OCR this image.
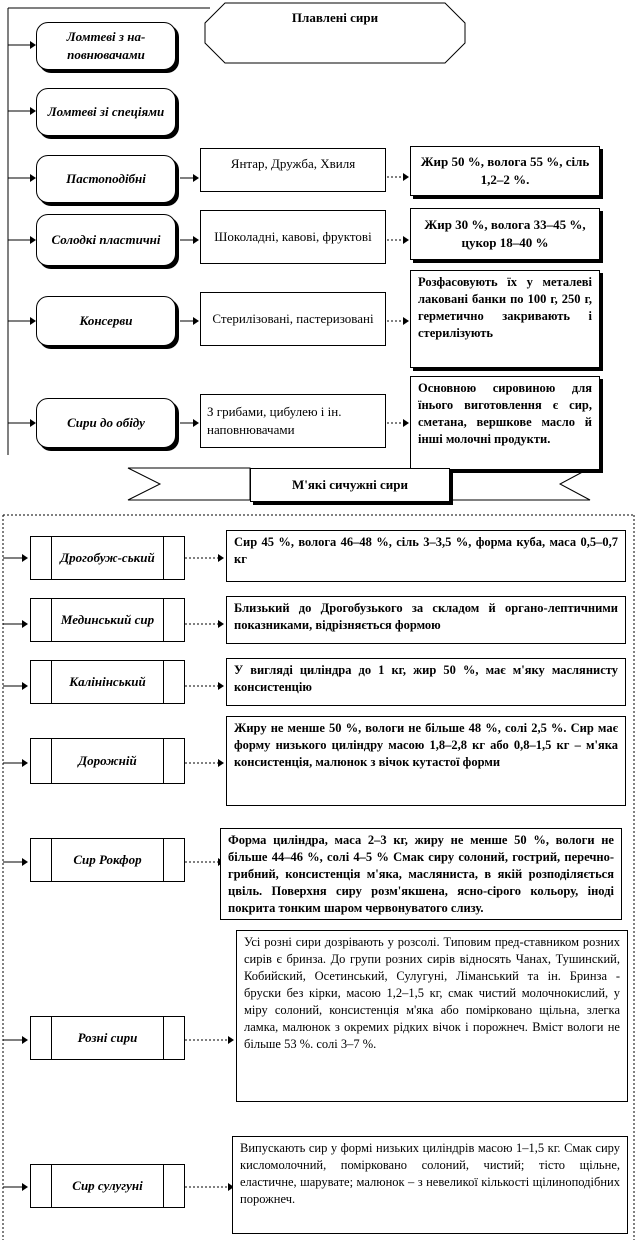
Плавлені сири
Ломтеві з на-повнювачами
Ломтеві зі спеціями
Пастоподібні
Солодкі пластичні
Консерви
Сири до обіду
Янтар, Дружба, Хвиля
Шоколадні, кавові, фруктові
Стерилізовані, пастеризовані
З грибами, цибулею і ін. наповнювачами
Жир 50 %, волога 55 %, сіль 1,2–2 %.
Жир 30 %, волога 33–45 %, цукор 18–40 %
Розфасовують їх у металеві лаковані банки по 100 г, 250 г, герметично закривають і стерилізують
Основною сировиною для їнього виготовлення є сир, сметана, вершкове масло й інші молочні продукти.
М'які сичужні сири
Дрогобуж-ський
Мединський сир
Калінінський
Дорожній
Сир Рокфор
Розні сири
Сир сулугуні
Сир 45 %, волога 46–48 %, сіль 3–3,5 %, форма куба, маса 0,5–0,7 кг
Близький до Дрогобузького за складом й органо-лептичними показниками, відрізняється формою
У вигляді циліндра до 1 кг, жир 50 %, має м'яку маслянисту консистенцію
Жиру не менше 50 %, вологи не більше 48 %, солі 2,5 %. Сир має форму низького циліндру масою 1,8–2,8 кг або 0,8–1,5 кг – м'яка консистенція, малюнок з вічок кутастої форми
Форма циліндра, маса 2–3 кг, жиру не менше 50 %, вологи не більше 44–46 %, солі 4–5 % Смак сиру солоний, гострий, перечно-грибний, консистенція м'яка, масляниста, в якій розподіляється цвіль. Поверхня сиру розм'якшена, ясно-сірого кольору, іноді покрита тонким шаром червонуватого слизу.
Усі розні сири дозрівають у розсолі. Типовим пред-ставником розних сирів є бринза. До групи розних сирів відносять Чанах, Тушинский, Кобийский, Осетинський, Сулугуні, Ліманський та ін. Бринза - бруски без кірки, масою 1,2–1,5 кг, смак чистий молочнокислий, у міру солоний, консистенція м'яка або помірковано щільна, злегка ламка, малюнок з окремих рідких вічок і порожнеч. Вміст вологи не більше 53 %. солі 3–7 %.
Випускають сир у формі низьких циліндрів масою 1–1,5 кг. Смак сиру кисломолочний, помірковано солоний, чистий; тісто щільне, еластичне, шарувате; малюнок – з невеликої кількості щілиноподібних порожнеч.
